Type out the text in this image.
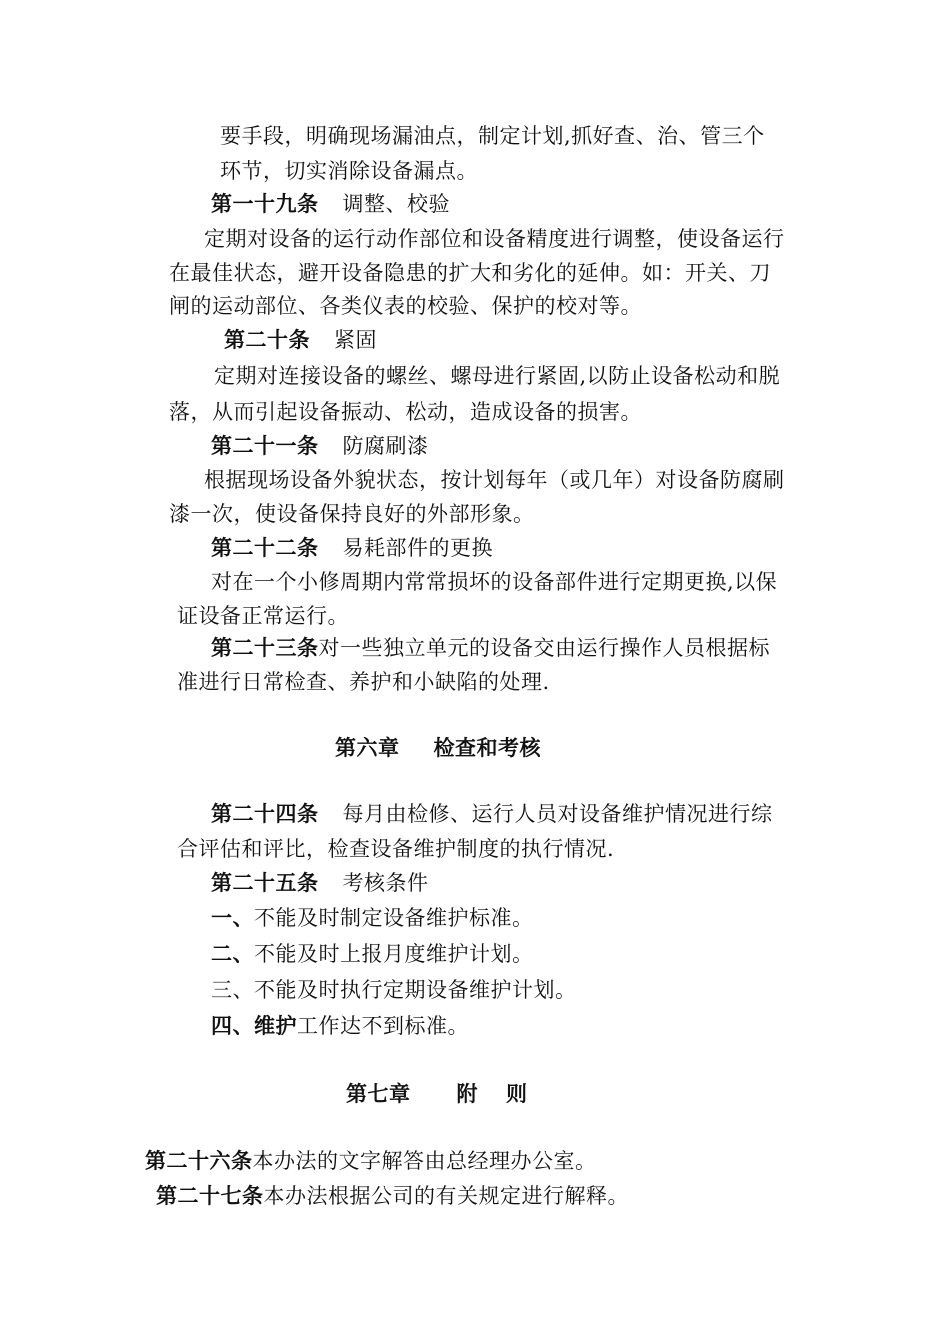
要手段，明确现场漏油点，制定计划,抓好查、治、管三个
环节，切实消除设备漏点。
第一十九条 调整、校验
定期对设备的运行动作部位和设备精度进行调整，使设备运行
在最佳状态，避开设备隐患的扩大和劣化的延伸。如：开关、刀
闸的运动部位、各类仪表的校验、保护的校对等。
第二十条 紧固
定期对连接设备的螺丝、螺母进行紧固,以防止设备松动和脱
落，从而引起设备振动、松动，造成设备的损害。
第二十一条 防腐刷漆
根据现场设备外貌状态，按计划每年（或几年）对设备防腐刷
漆一次，使设备保持良好的外部形象。
第二十二条 易耗部件的更换
对在一个小修周期内常常损坏的设备部件进行定期更换,以保
证设备正常运行。
第二十三条对一些独立单元的设备交由运行操作人员根据标
准进行日常检查、养护和小缺陷的处理.
第六章 检查和考核
第二十四条 每月由检修、运行人员对设备维护情况进行综
合评估和评比，检查设备维护制度的执行情况.
第二十五条 考核条件
一、不能及时制定设备维护标准。
二、不能及时上报月度维护计划。
三、不能及时执行定期设备维护计划。
四、维护工作达不到标准。
第七章 附 则
第二十六条本办法的文字解答由总经理办公室。
第二十七条本办法根据公司的有关规定进行解释。
